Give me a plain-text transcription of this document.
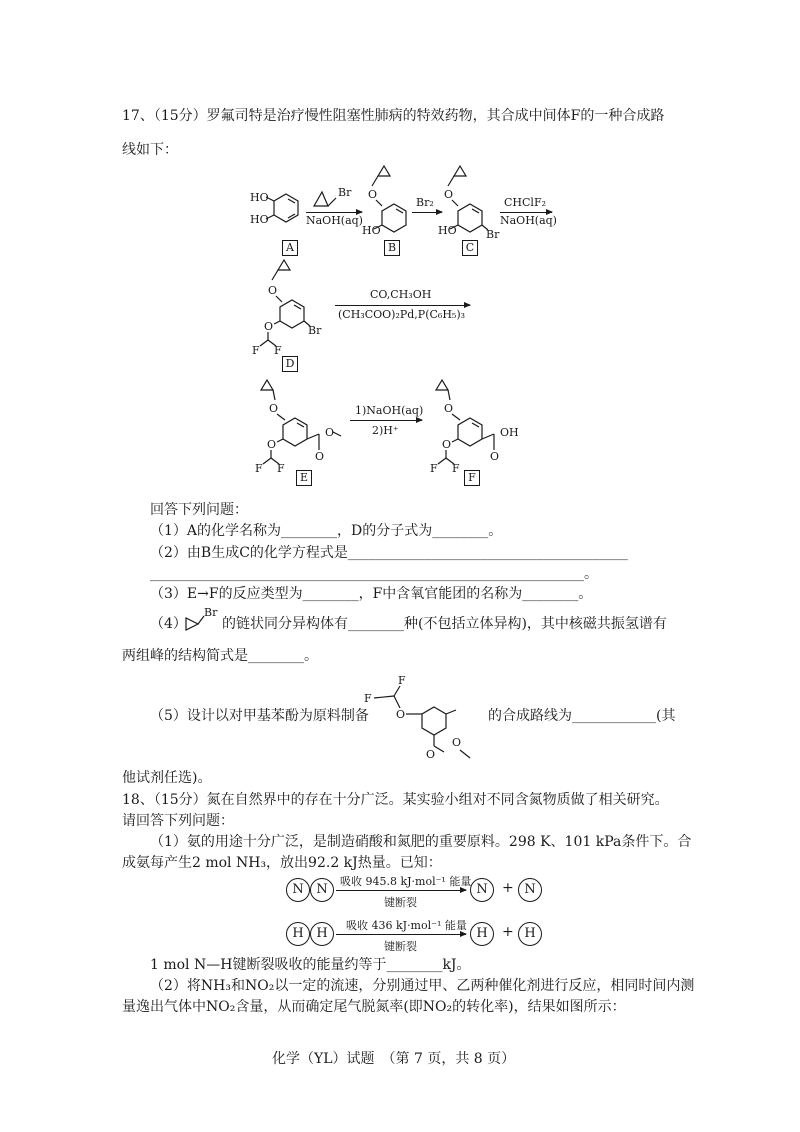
17、（15分）罗氟司特是治疗慢性阻塞性肺病的特效药物，其合成中间体F的一种合成路
线如下：
HO
HO
A
Br
NaOH(aq)
O
HO
B
Br₂
O
HO	Br
C
CHClF₂
NaOH(aq)
O
Br
O
F F
D
CO,CH₃OH
(CH₃COO)₂Pd,P(C₆H₅)₃
O
O
O
O
F F
E
1)NaOH(aq)
2)H⁺
O
OH
O
O
F F
F
回答下列问题：
（1）A的化学名称为________，D的分子式为________。
（2）由B生成C的化学方程式是________________________________________
______________________________________________________________。
（3）E→F的反应类型为________，F中含氧官能团的名称为________。
（4）
Br
的链状同分异构体有________种(不包括立体异构)，其中核磁共振氢谱有
两组峰的结构简式是________。
F
F
O
O
O
（5）设计以对甲基苯酚为原料制备	的合成路线为____________(其
他试剂任选)。
18、（15分）氮在自然界中的存在十分广泛。某实验小组对不同含氮物质做了相关研究。
请回答下列问题：
（1）氨的用途十分广泛，是制造硝酸和氮肥的重要原料。298 K、101 kPa条件下。合
成氨每产生2 mol NH₃，放出92.2 kJ热量。已知：
N N
吸收 945.8 kJ·mol⁻¹ 能量
键断裂
N	+ N
H H
吸收 436 kJ·mol⁻¹ 能量
键断裂
H	+ H
1 mol N—H键断裂吸收的能量约等于________kJ。
（2）将NH₃和NO₂以一定的流速，分别通过甲、乙两种催化剂进行反应，相同时间内测
量逸出气体中NO₂含量，从而确定尾气脱氮率(即NO₂的转化率)，结果如图所示：
化学（YL）试题　（第 7 页，共 8 页）
